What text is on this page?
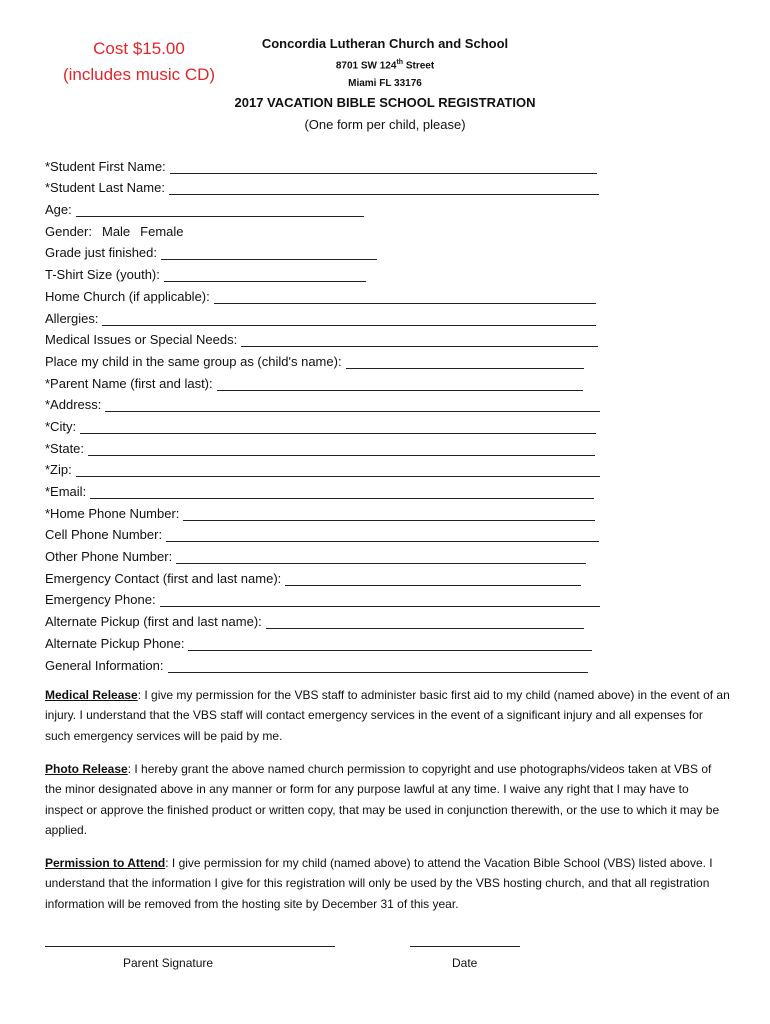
Cost $15.00
(includes music CD)
Concordia Lutheran Church and School
8701 SW 124th Street
Miami FL 33176
2017 VACATION BIBLE SCHOOL REGISTRATION
(One form per child, please)
*Student First Name:
*Student Last Name:
Age:
Gender: Male Female
Grade just finished:
T-Shirt Size (youth):
Home Church (if applicable):
Allergies:
Medical Issues or Special Needs:
Place my child in the same group as (child's name):
*Parent Name (first and last):
*Address:
*City:
*State:
*Zip:
*Email:
*Home Phone Number:
Cell Phone Number:
Other Phone Number:
Emergency Contact (first and last name):
Emergency Phone:
Alternate Pickup (first and last name):
Alternate Pickup Phone:
General Information:
Medical Release: I give my permission for the VBS staff to administer basic first aid to my child (named above) in the event of an injury. I understand that the VBS staff will contact emergency services in the event of a significant injury and all expenses for such emergency services will be paid by me.
Photo Release: I hereby grant the above named church permission to copyright and use photographs/videos taken at VBS of the minor designated above in any manner or form for any purpose lawful at any time. I waive any right that I may have to inspect or approve the finished product or written copy, that may be used in conjunction therewith, or the use to which it may be applied.
Permission to Attend: I give permission for my child (named above) to attend the Vacation Bible School (VBS) listed above. I understand that the information I give for this registration will only be used by the VBS hosting church, and that all registration information will be removed from the hosting site by December 31 of this year.
Parent Signature	Date
